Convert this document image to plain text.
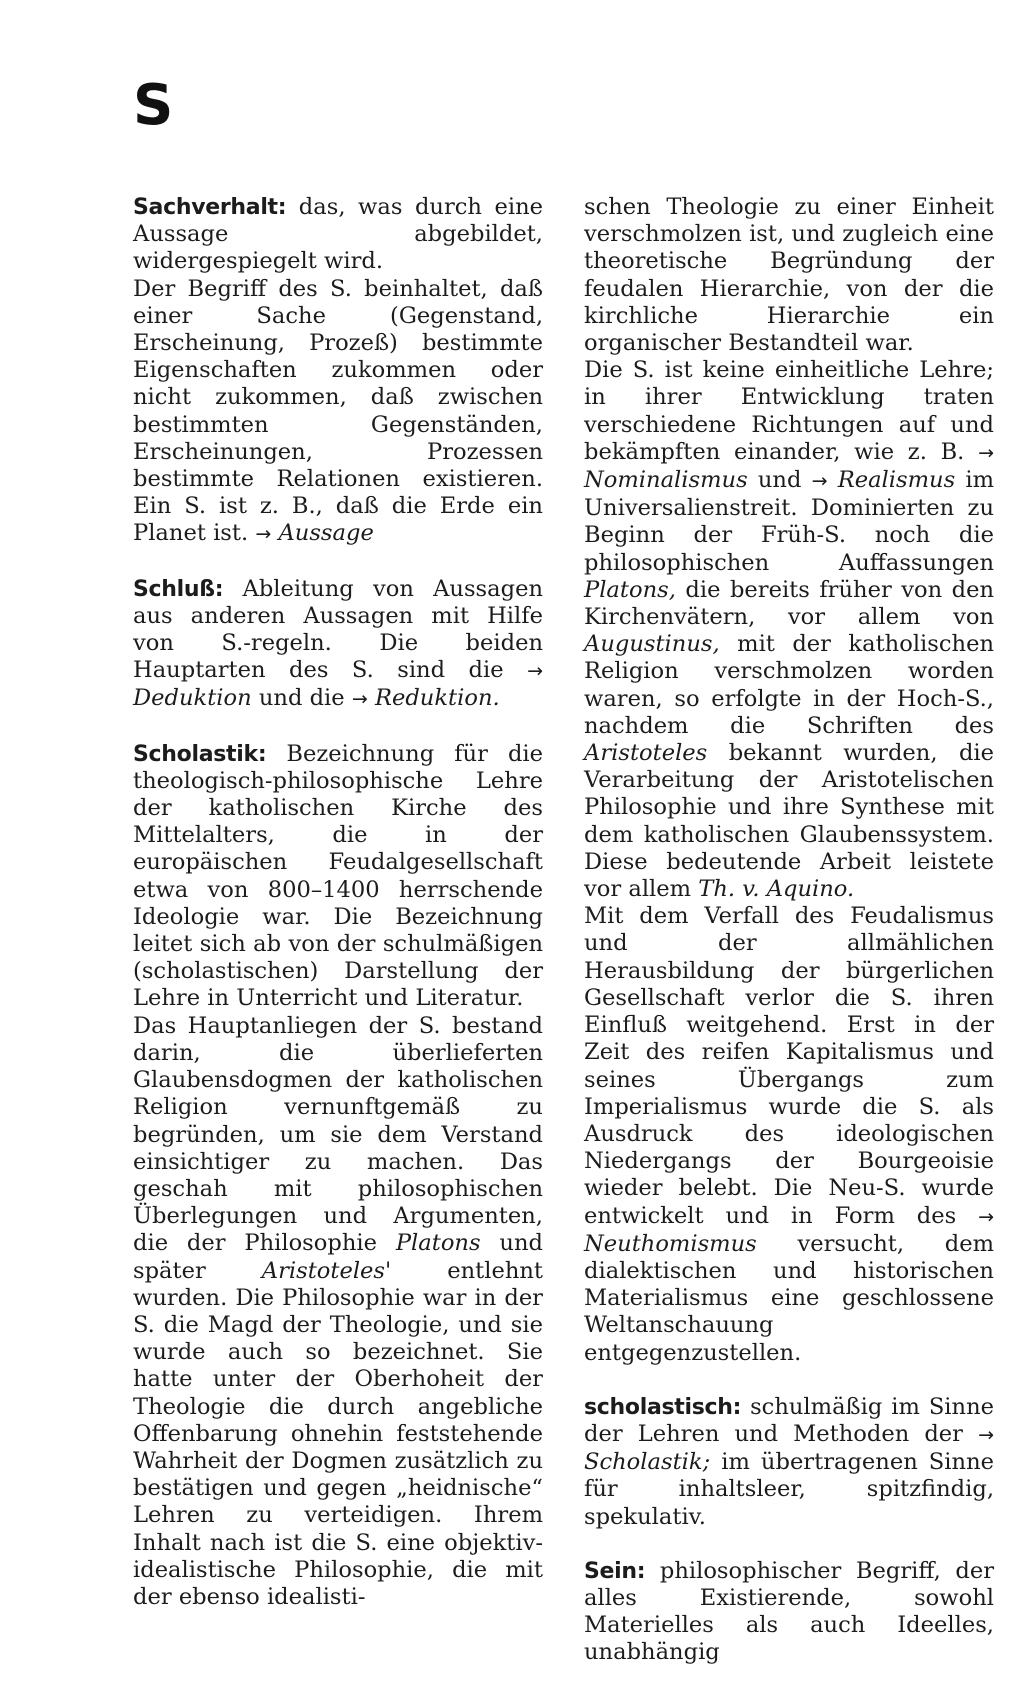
S

Sachverhalt: das, was durch eine Aussage abgebildet, widergespiegelt wird.

Der Begriff des S. beinhaltet, daß einer Sache (Gegenstand, Erscheinung, Prozeß) bestimmte Eigenschaften zukommen oder nicht zukommen, daß zwischen bestimmten Gegenständen, Erscheinungen, Prozessen bestimmte Relationen existieren. Ein S. ist z. B., daß die Erde ein Planet ist. → Aussage

Schluß: Ableitung von Aussagen aus anderen Aussagen mit Hilfe von S.-regeln. Die beiden Hauptarten des S. sind die → Deduktion und die → Reduktion.

Scholastik: Bezeichnung für die theologisch-philosophische Lehre der katholischen Kirche des Mittelalters, die in der europäischen Feudalgesellschaft etwa von 800–1400 herrschende Ideologie war. Die Bezeichnung leitet sich ab von der schulmäßigen (scholastischen) Darstellung der Lehre in Unterricht und Literatur.

Das Hauptanliegen der S. bestand darin, die überlieferten Glaubensdogmen der katholischen Religion vernunftgemäß zu begründen, um sie dem Verstand einsichtiger zu machen. Das geschah mit philosophischen Überlegungen und Argumenten, die der Philosophie Platons und später Aristoteles' entlehnt wurden. Die Philosophie war in der S. die Magd der Theologie, und sie wurde auch so bezeichnet. Sie hatte unter der Oberhoheit der Theologie die durch angebliche Offenbarung ohnehin feststehende Wahrheit der Dogmen zusätzlich zu bestätigen und gegen „heidnische“ Lehren zu verteidigen. Ihrem Inhalt nach ist die S. eine objektiv-idealistische Philosophie, die mit der ebenso idealisti-

schen Theologie zu einer Einheit verschmolzen ist, und zugleich eine theoretische Begründung der feudalen Hierarchie, von der die kirchliche Hierarchie ein organischer Bestandteil war.

Die S. ist keine einheitliche Lehre; in ihrer Entwicklung traten verschiedene Richtungen auf und bekämpften einander, wie z. B. → Nominalismus und → Realismus im Universalienstreit. Dominierten zu Beginn der Früh-S. noch die philosophischen Auffassungen Platons, die bereits früher von den Kirchenvätern, vor allem von Augustinus, mit der katholischen Religion verschmolzen worden waren, so erfolgte in der Hoch-S., nachdem die Schriften des Aristoteles bekannt wurden, die Verarbeitung der Aristotelischen Philosophie und ihre Synthese mit dem katholischen Glaubenssystem. Diese bedeutende Arbeit leistete vor allem Th. v. Aquino.

Mit dem Verfall des Feudalismus und der allmählichen Herausbildung der bürgerlichen Gesellschaft verlor die S. ihren Einfluß weitgehend. Erst in der Zeit des reifen Kapitalismus und seines Übergangs zum Imperialismus wurde die S. als Ausdruck des ideologischen Niedergangs der Bourgeoisie wieder belebt. Die Neu-S. wurde entwickelt und in Form des → Neuthomismus versucht, dem dialektischen und historischen Materialismus eine geschlossene Weltanschauung entgegenzustellen.

scholastisch: schulmäßig im Sinne der Lehren und Methoden der → Scholastik; im übertragenen Sinne für inhaltsleer, spitzfindig, spekulativ.

Sein: philosophischer Begriff, der alles Existierende, sowohl Materielles als auch Ideelles, unabhängig
